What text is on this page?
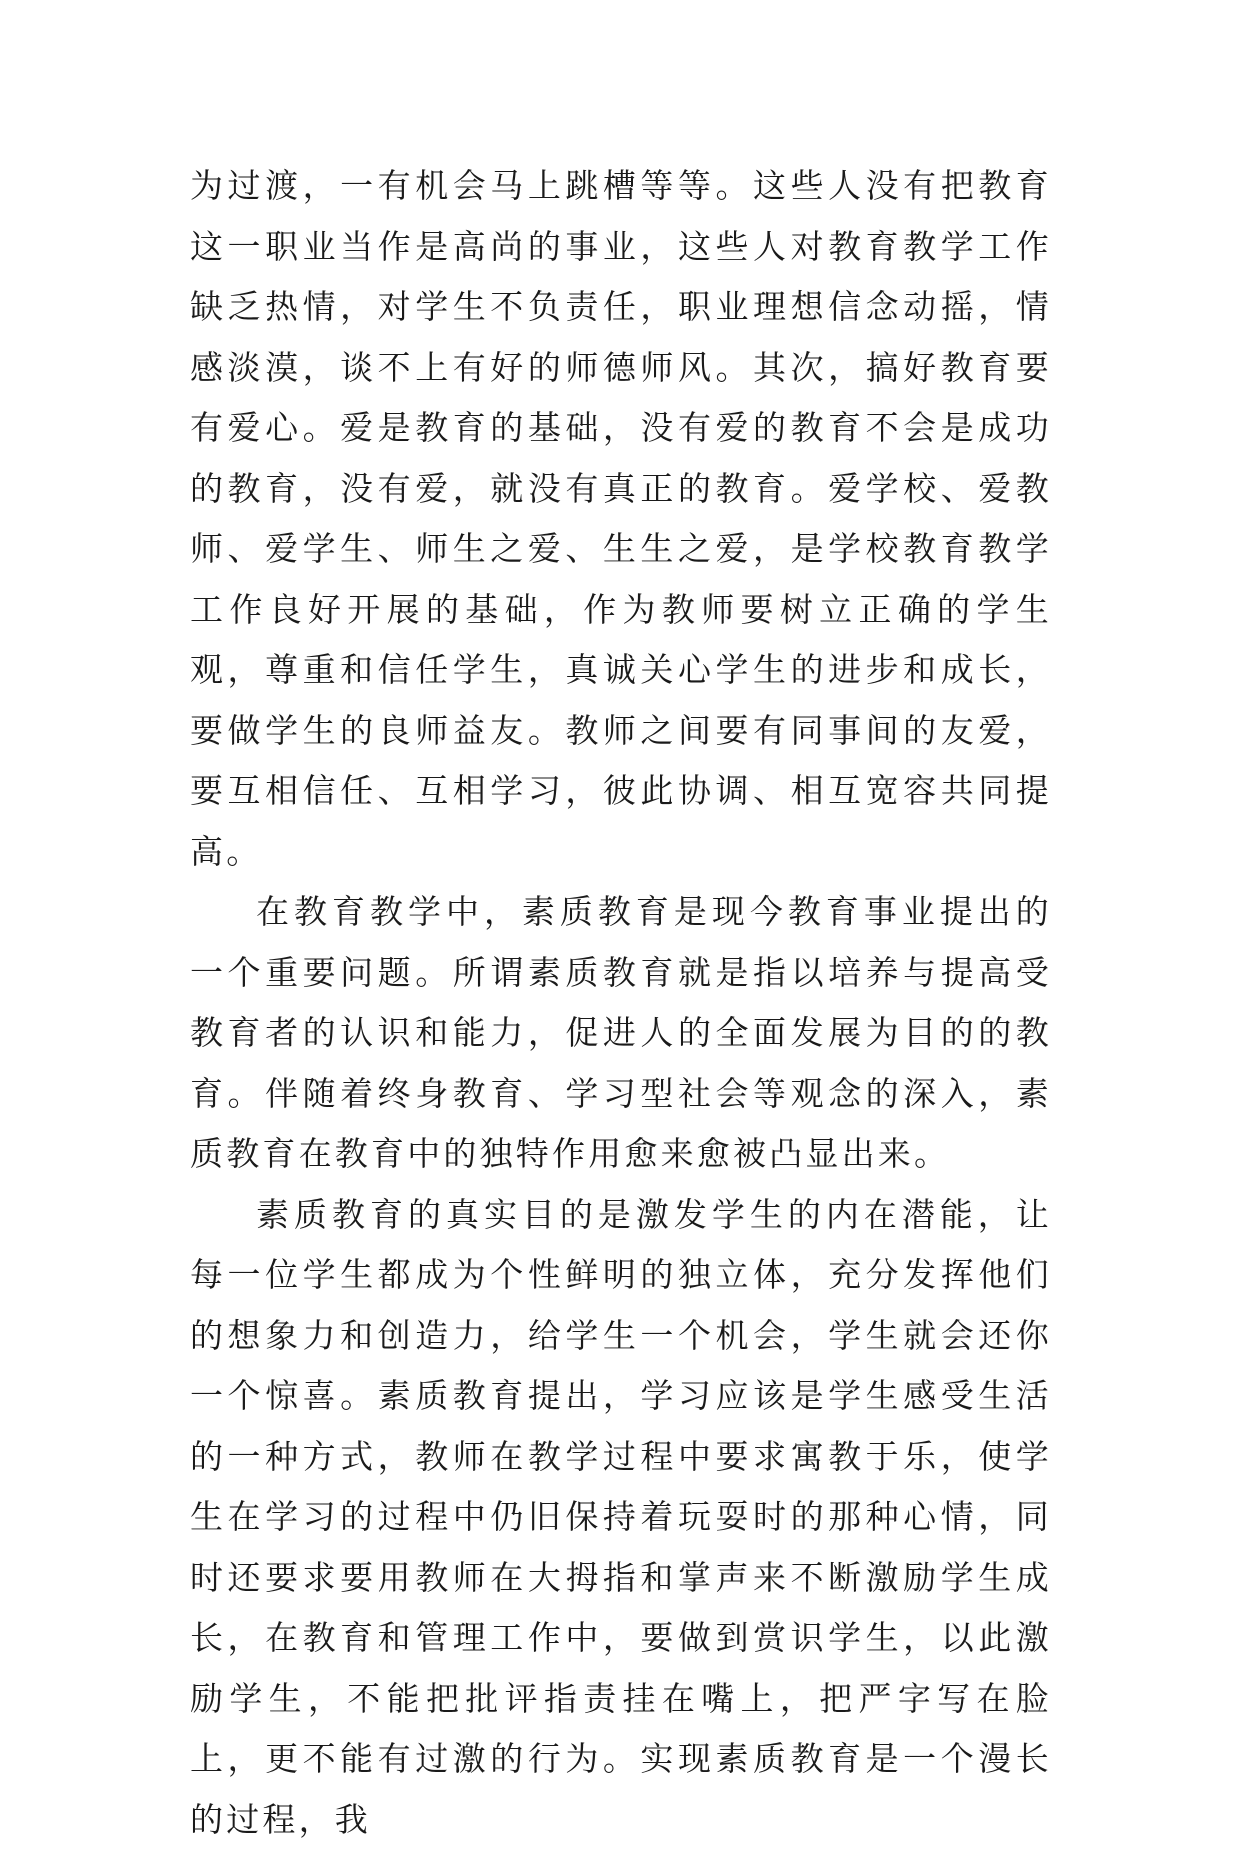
为过渡，一有机会马上跳槽等等。这些人没有把教育这一职业当作是高尚的事业，这些人对教育教学工作缺乏热情，对学生不负责任，职业理想信念动摇，情感淡漠，谈不上有好的师德师风。其次，搞好教育要有爱心。爱是教育的基础，没有爱的教育不会是成功的教育，没有爱，就没有真正的教育。爱学校、爱教师、爱学生、师生之爱、生生之爱，是学校教育教学工作良好开展的基础，作为教师要树立正确的学生观，尊重和信任学生，真诚关心学生的进步和成长，要做学生的良师益友。教师之间要有同事间的友爱，要互相信任、互相学习，彼此协调、相互宽容共同提高。

在教育教学中，素质教育是现今教育事业提出的一个重要问题。所谓素质教育就是指以培养与提高受教育者的认识和能力，促进人的全面发展为目的的教育。伴随着终身教育、学习型社会等观念的深入，素质教育在教育中的独特作用愈来愈被凸显出来。

素质教育的真实目的是激发学生的内在潜能，让每一位学生都成为个性鲜明的独立体，充分发挥他们的想象力和创造力，给学生一个机会，学生就会还你一个惊喜。素质教育提出，学习应该是学生感受生活的一种方式，教师在教学过程中要求寓教于乐，使学生在学习的过程中仍旧保持着玩耍时的那种心情，同时还要求要用教师在大拇指和掌声来不断激励学生成长，在教育和管理工作中，要做到赏识学生，以此激励学生，不能把批评指责挂在嘴上，把严字写在脸上，更不能有过激的行为。实现素质教育是一个漫长的过程，我
